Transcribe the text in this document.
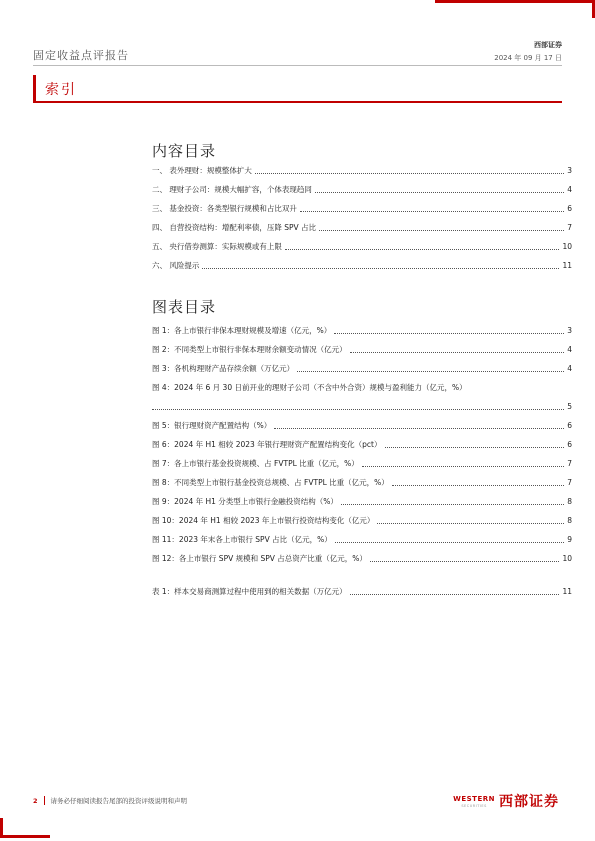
固定收益点评报告
西部证券
2024 年 09 月 17 日
索引
内容目录
一、 表外理财：规模整体扩大	3
二、 理财子公司：规模大幅扩容，个体表现趋同	4
三、 基金投资：各类型银行规模和占比双升	6
四、 自营投资结构：增配利率债，压降 SPV 占比	7
五、 央行借券测算：实际规模或有上限	10
六、 风险提示	11
图表目录
图 1：各上市银行非保本理财规模及增速（亿元，%）	3
图 2：不同类型上市银行非保本理财余额变动情况（亿元）	4
图 3：各机构理财产品存续余额（万亿元）	4
图 4：2024 年 6 月 30 日前开业的理财子公司（不含中外合资）规模与盈利能力（亿元，%）
5
图 5：银行理财资产配置结构（%）	6
图 6：2024 年 H1 相较 2023 年银行理财资产配置结构变化（pct）	6
图 7：各上市银行基金投资规模、占 FVTPL 比重（亿元，%）	7
图 8：不同类型上市银行基金投资总规模、占 FVTPL 比重（亿元，%）	7
图 9：2024 年 H1 分类型上市银行金融投资结构（%）	8
图 10：2024 年 H1 相较 2023 年上市银行投资结构变化（亿元）	8
图 11：2023 年末各上市银行 SPV 占比（亿元，%）	9
图 12：各上市银行 SPV 规模和 SPV 占总资产比重（亿元，%）	10
表 1：样本交易商测算过程中使用到的相关数据（万亿元）	11
2 请务必仔细阅读报告尾部的投资评级说明和声明	WESTERN
SECURITIES 西部证券
